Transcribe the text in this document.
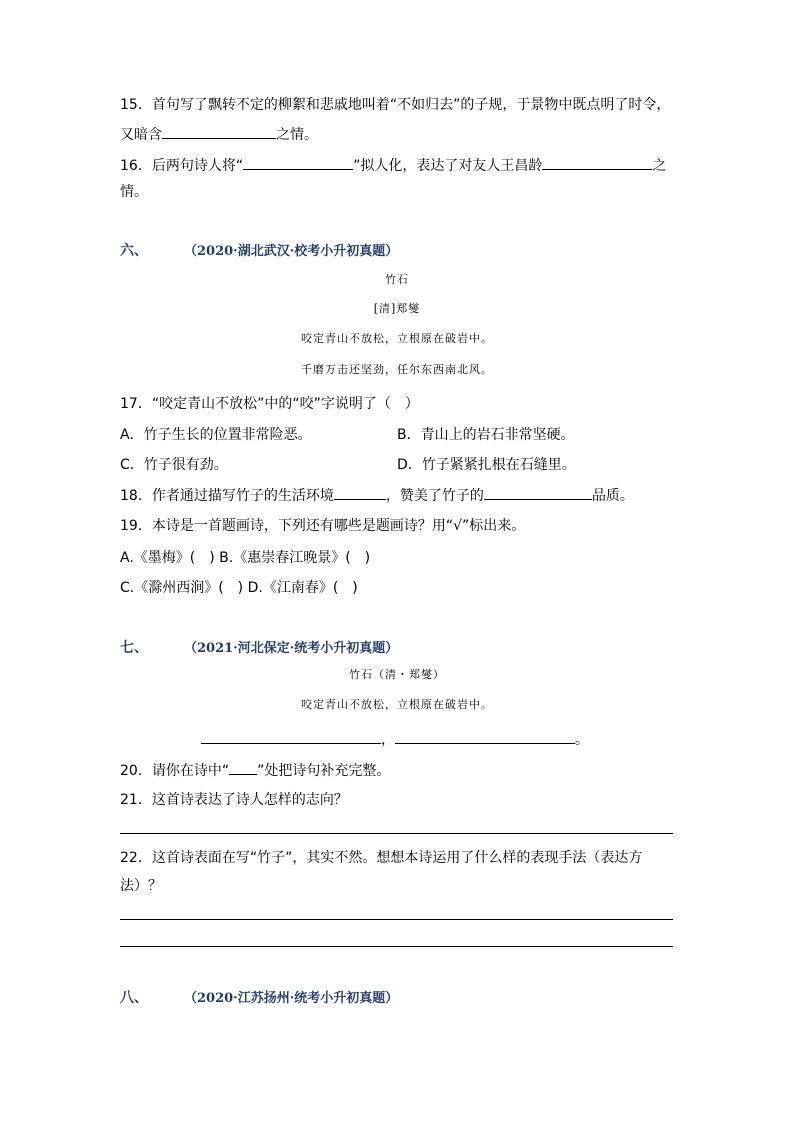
15．首句写了飘转不定的柳絮和悲戚地叫着“不如归去”的子规，于景物中既点明了时令，
又暗含	之情。
16．后两句诗人将“	”拟人化，表达了对友人王昌龄	之
情。
六、	（2020·湖北武汉·校考小升初真题）
竹石
[清]郑燮
咬定青山不放松，立根原在破岩中。
千磨万击还坚劲，任尔东西南北风。
17．“咬定青山不放松”中的“咬”字说明了（　）
A．竹子生长的位置非常险恶。	B．青山上的岩石非常坚硬。
C．竹子很有劲。	D．竹子紧紧扎根在石缝里。
18．作者通过描写竹子的生活环境	，赞美了竹子的	品质。
19．本诗是一首题画诗，下列还有哪些是题画诗？用“√”标出来。
A.《墨梅》(　) B.《惠崇春江晚景》(　)
C.《滁州西涧》(　) D.《江南春》(　)
七、	（2021·河北保定·统考小升初真题）
竹石（清・郑燮）
咬定青山不放松，立根原在破岩中。
，	。
20．请你在诗中“ ”处把诗句补充完整。
21．这首诗表达了诗人怎样的志向？
22．这首诗表面在写“竹子”，其实不然。想想本诗运用了什么样的表现手法（表达方
法）？
八、	（2020·江苏扬州·统考小升初真题）
